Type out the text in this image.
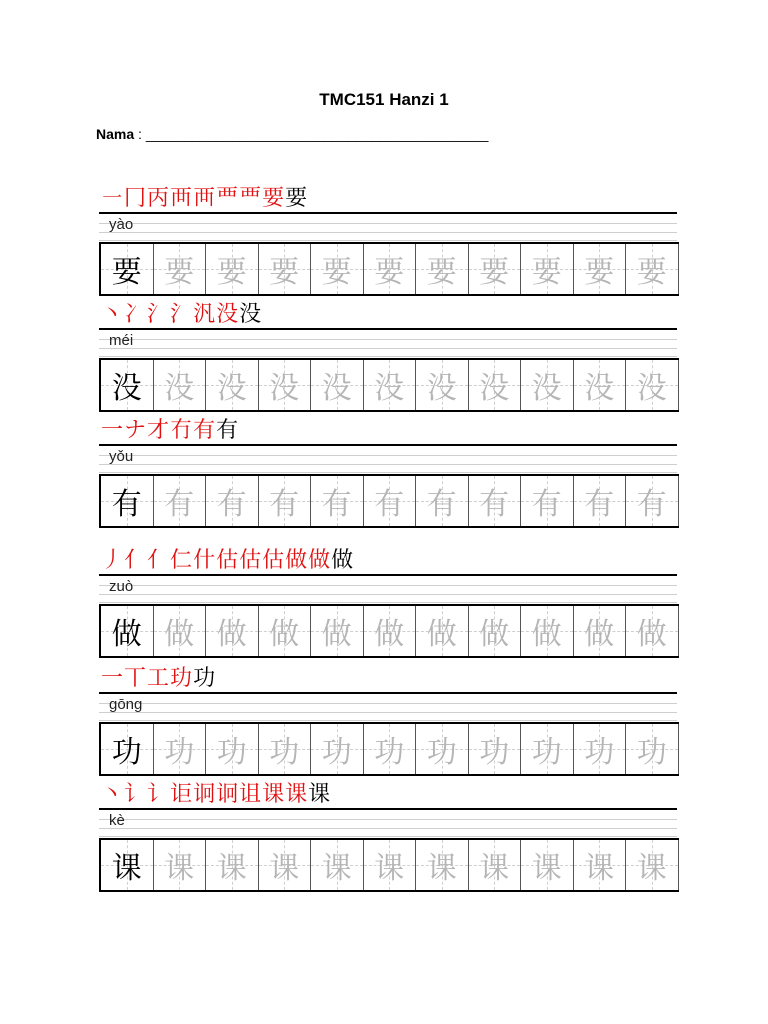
TMC151 Hanzi 1
Nama : ____________________________________________
㇐ 冂 丙 襾 襾 覀 覀 要 要
yào
要 要 要 要 要 要 要 要 要 要 要
丶 冫 氵 氵 汎 没 没
méi
没 没 没 没 没 没 没 没 没 没 没
一 ナ 才 冇 有 有
yǒu
有 有 有 有 有 有 有 有 有 有 有
丿 亻 亻 仁 什 估 估 估 做 做 做
zuò
做 做 做 做 做 做 做 做 做 做 做
一 丅 工 玏 功
gōng
功 功 功 功 功 功 功 功 功 功 功
丶 讠 讠 讵 诇 诇 诅 课 课 课
kè
课 课 课 课 课 课 课 课 课 课 课
